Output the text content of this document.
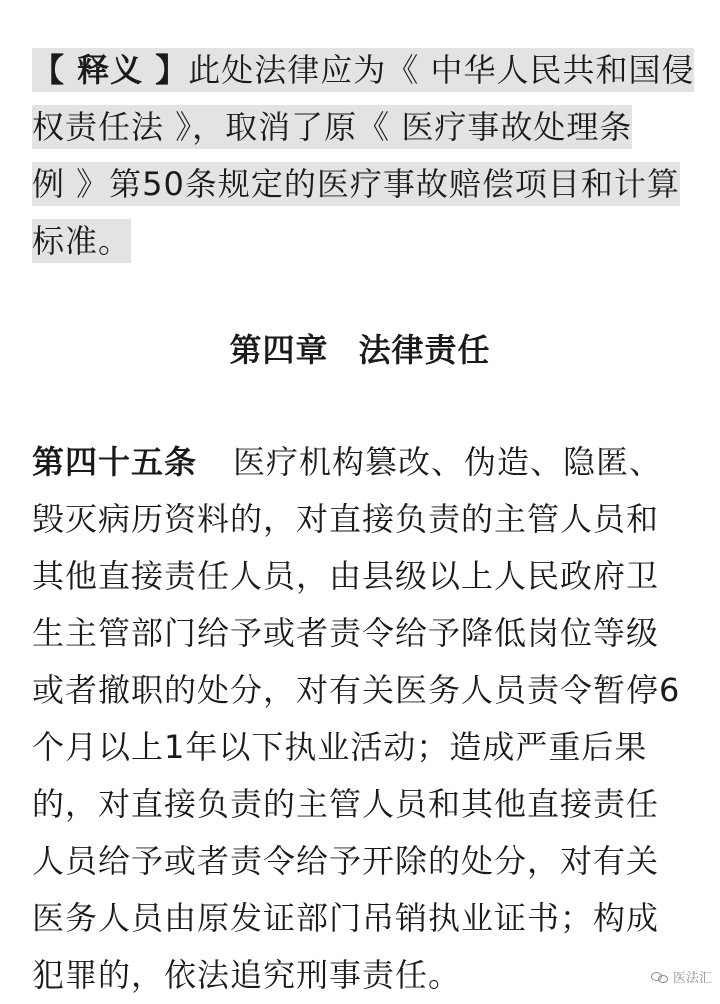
【 释义 】此处法律应为《 中华人民共和国侵
权责任法 》，取消了原《 医疗事故处理条
例 》第50条规定的医疗事故赔偿项目和计算
标准。
第四章 法律责任
第四十五条 医疗机构篡改、伪造、隐匿、
毁灭病历资料的，对直接负责的主管人员和
其他直接责任人员，由县级以上人民政府卫
生主管部门给予或者责令给予降低岗位等级
或者撤职的处分，对有关医务人员责令暂停6
个月以上1年以下执业活动；造成严重后果
的，对直接负责的主管人员和其他直接责任
人员给予或者责令给予开除的处分，对有关
医务人员由原发证部门吊销执业证书；构成
犯罪的，依法追究刑事责任。	医法汇
